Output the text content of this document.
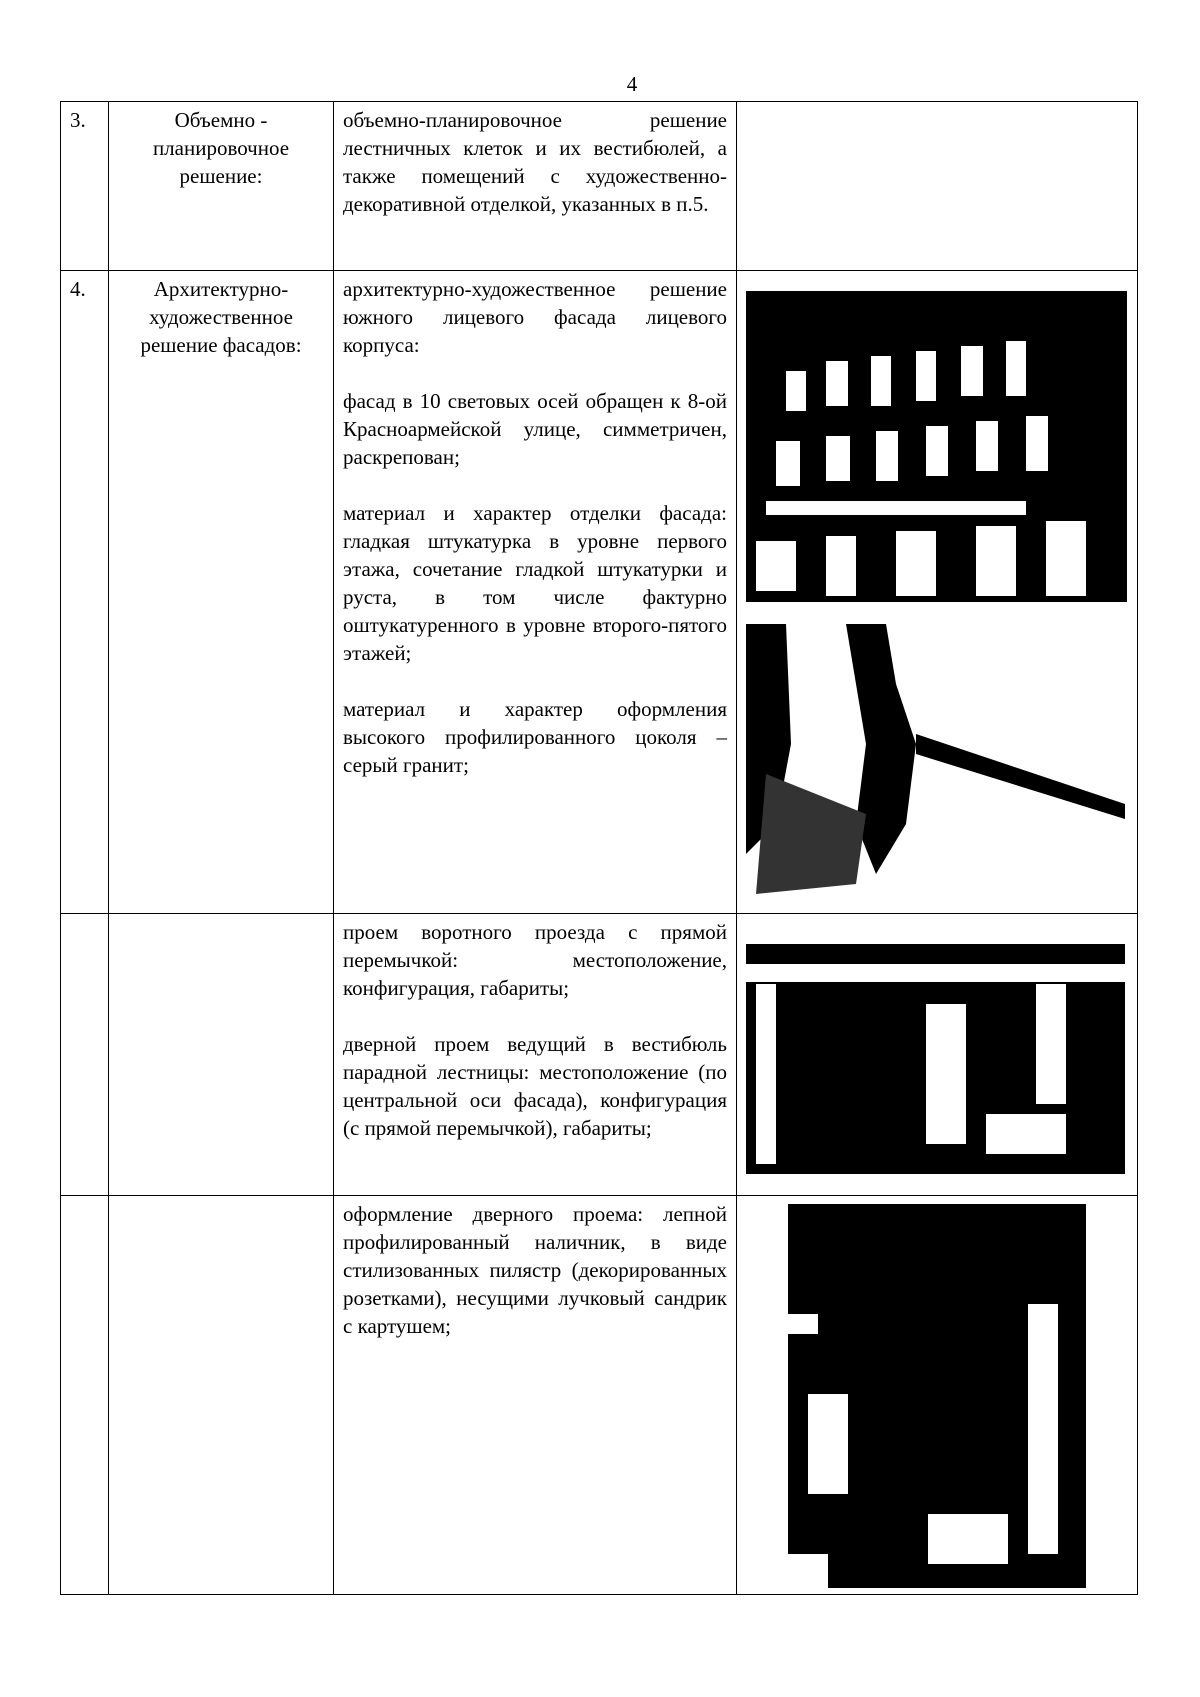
4
3.	Объемно - планировочное решение:	объемно-планировочное решение лестничных клеток и их вестибюлей, а также помещений с художественно-декоративной отделкой, указанных в п.5.	

4.	Архитектурно-художественное решение фасадов:	архитектурно-художественное решение южного лицевого фасада лицевого корпуса:

фасад в 10 световых осей обращен к 8-ой Красноармейской улице, симметричен, раскрепован;

материал и характер отделки фасада: гладкая штукатурка в уровне первого этажа, сочетание гладкой штукатурки и руста, в том числе фактурно оштукатуренного в уровне второго-пятого этажей;

материал и характер оформления высокого профилированного цоколя – серый гранит;

		проем воротного проезда с прямой перемычкой: местоположение, конфигурация, габариты;

дверной проем ведущий в вестибюль парадной лестницы: местоположение (по центральной оси фасада), конфигурация (с прямой перемычкой), габариты;

		оформление дверного проема: лепной профилированный наличник, в виде стилизованных пилястр (декорированных розетками), несущими лучковый сандрик с картушем;
